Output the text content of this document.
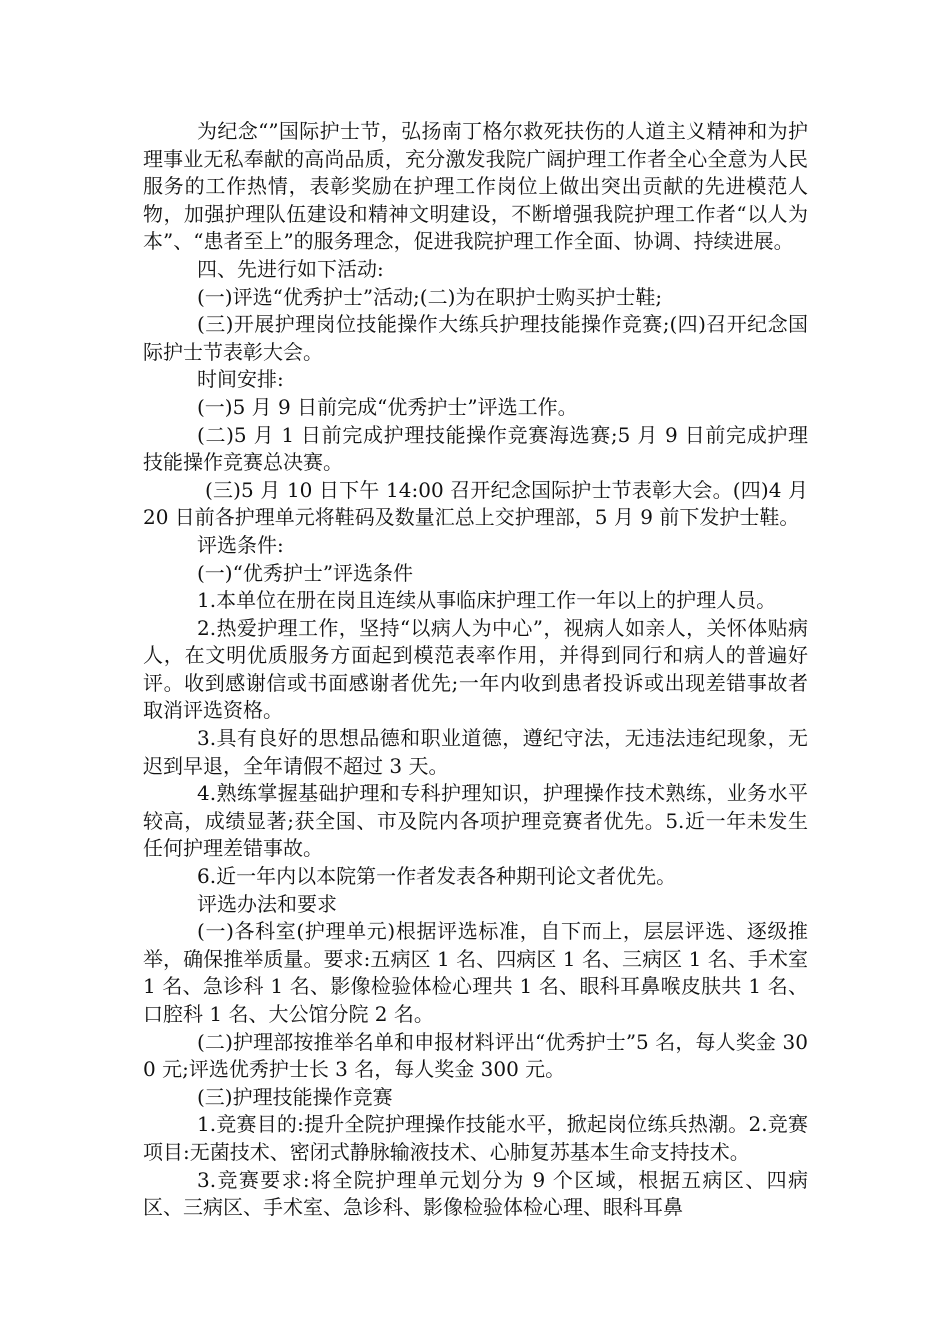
为纪念“”国际护士节，弘扬南丁格尔救死扶伤的人道主义精神和为护理事业无私奉献的高尚品质，充分激发我院广阔护理工作者全心全意为人民服务的工作热情，表彰奖励在护理工作岗位上做出突出贡献的先进模范人物，加强护理队伍建设和精神文明建设，不断增强我院护理工作者“以人为本”、“患者至上”的服务理念，促进我院护理工作全面、协调、持续进展。

四、先进行如下活动:

(一)评选“优秀护士”活动;(二)为在职护士购买护士鞋;

(三)开展护理岗位技能操作大练兵护理技能操作竞赛;(四)召开纪念国际护士节表彰大会。

时间安排:

(一)5 月 9 日前完成“优秀护士”评选工作。

(二)5 月 1 日前完成护理技能操作竞赛海选赛;5 月 9 日前完成护理技能操作竞赛总决赛。

(三)5 月 10 日下午 14:00 召开纪念国际护士节表彰大会。(四)4 月 20 日前各护理单元将鞋码及数量汇总上交护理部，5 月 9 前下发护士鞋。

评选条件:

(一)“优秀护士”评选条件

1.本单位在册在岗且连续从事临床护理工作一年以上的护理人员。

2.热爱护理工作，坚持“以病人为中心”，视病人如亲人，关怀体贴病人，在文明优质服务方面起到模范表率作用，并得到同行和病人的普遍好评。收到感谢信或书面感谢者优先;一年内收到患者投诉或出现差错事故者取消评选资格。

3.具有良好的思想品德和职业道德，遵纪守法，无违法违纪现象，无迟到早退，全年请假不超过 3 天。

4.熟练掌握基础护理和专科护理知识，护理操作技术熟练，业务水平较高，成绩显著;获全国、市及院内各项护理竞赛者优先。5.近一年未发生任何护理差错事故。

6.近一年内以本院第一作者发表各种期刊论文者优先。

评选办法和要求

(一)各科室(护理单元)根据评选标准，自下而上，层层评选、逐级推举，确保推举质量。要求:五病区 1 名、四病区 1 名、三病区 1 名、手术室 1 名、急诊科 1 名、影像检验体检心理共 1 名、眼科耳鼻喉皮肤共 1 名、口腔科 1 名、大公馆分院 2 名。

(二)护理部按推举名单和申报材料评出“优秀护士”5 名，每人奖金 300 元;评选优秀护士长 3 名，每人奖金 300 元。

(三)护理技能操作竞赛

1.竞赛目的:提升全院护理操作技能水平，掀起岗位练兵热潮。2.竞赛项目:无菌技术、密闭式静脉输液技术、心肺复苏基本生命支持技术。

3.竞赛要求:将全院护理单元划分为 9 个区域，根据五病区、四病区、三病区、手术室、急诊科、影像检验体检心理、眼科耳鼻
